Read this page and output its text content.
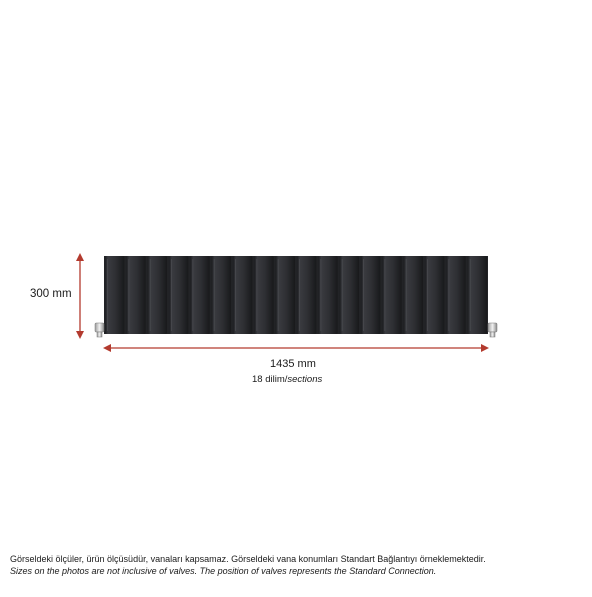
300 mm
1435 mm
18 dilim/sections
Görseldeki ölçüler, ürün ölçüsüdür, vanaları kapsamaz. Görseldeki vana konumları Standart Bağlantıyı örneklemektedir.
Sizes on the photos are not inclusive of valves. The position of valves represents the Standard Connection.
